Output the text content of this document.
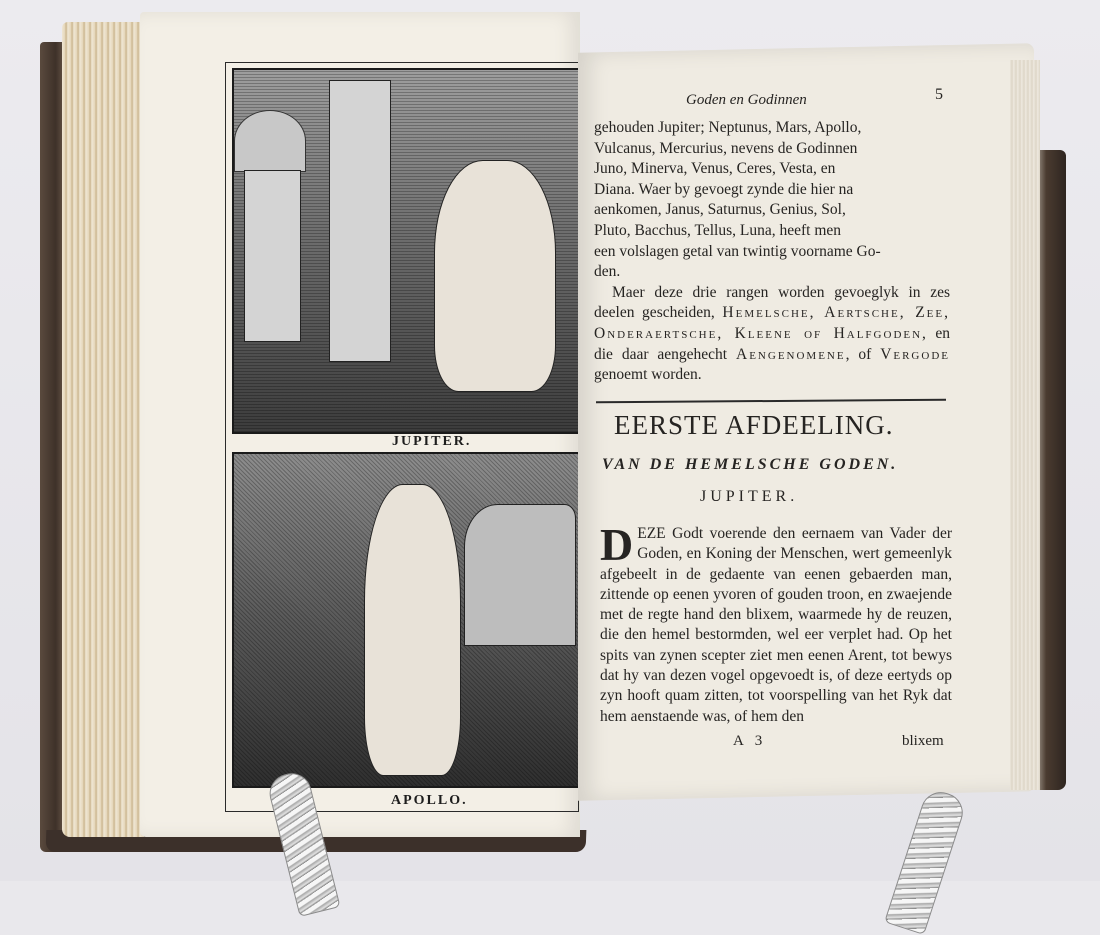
JUPITER.
APOLLO.
Goden en Godinnen	5
gehouden Jupiter; Neptunus, Mars, Apollo,
Vulcanus, Mercurius, nevens de Godinnen
Juno, Minerva, Venus, Ceres, Vesta, en
Diana. Waer by gevoegt zynde die hier na
aenkomen, Janus, Saturnus, Genius, Sol,
Pluto, Bacchus, Tellus, Luna, heeft men
een volslagen getal van twintig voorname Go-
den.

Maer deze drie rangen worden gevoeglyk in zes deelen gescheiden, Hemelsche, Aertsche, Zee, Onderaertsche, Kleene of Halfgoden, en die daar aengehecht Aengenomene, of Vergode genoemt worden.

EERSTE AFDEELING.
VAN DE HEMELSCHE GODEN.
JUPITER.
DEZE Godt voerende den eernaem van Vader der Goden, en Koning der Menschen, wert gemeenlyk afgebeelt in de gedaente van eenen gebaerden man, zittende op eenen yvoren of gouden troon, en zwaejende met de regte hand den blixem, waarmede hy de reuzen, die den hemel bestormden, wel eer verplet had. Op het spits van zynen scepter ziet men eenen Arent, tot bewys dat hy van dezen vogel opgevoedt is, of deze eertyds op zyn hooft quam zitten, tot voorspelling van het Ryk dat hem aenstaende was, of hem den
A 3	blixem
